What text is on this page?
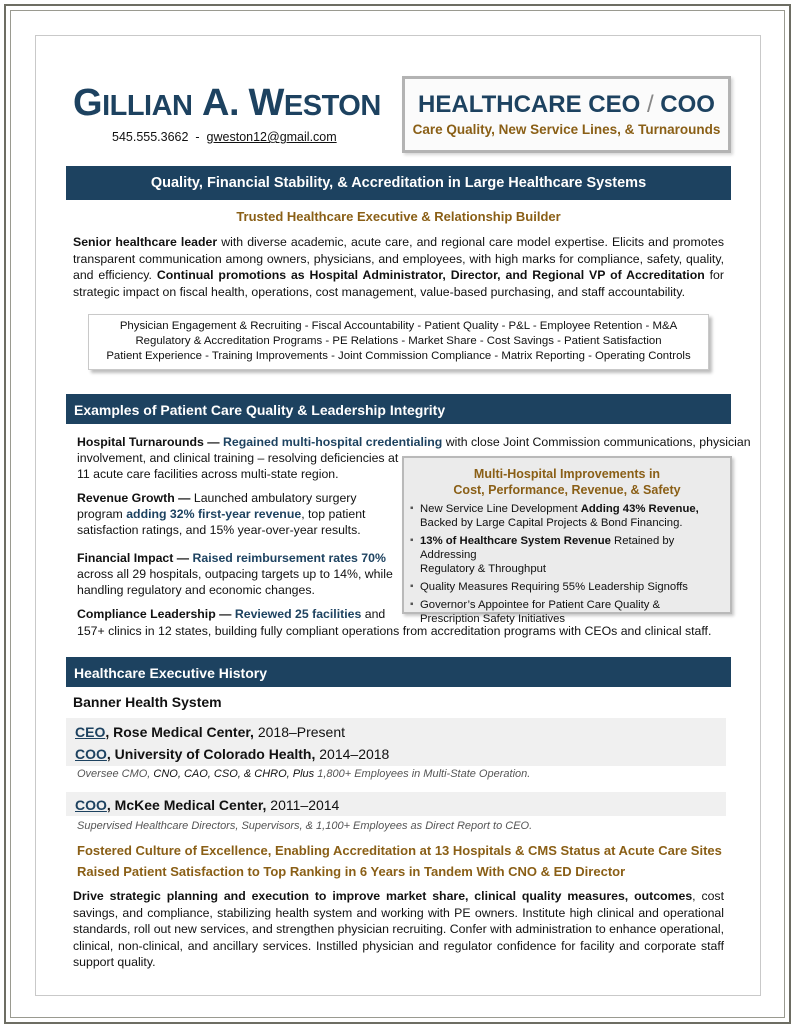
GILLIAN A. WESTON
545.555.3662 - gweston12@gmail.com
HEALTHCARE CEO / COO
Care Quality, New Service Lines, & Turnarounds
Quality, Financial Stability, & Accreditation in Large Healthcare Systems
Trusted Healthcare Executive & Relationship Builder
Senior healthcare leader with diverse academic, acute care, and regional care model expertise. Elicits and promotes transparent communication among owners, physicians, and employees, with high marks for compliance, safety, quality, and efficiency. Continual promotions as Hospital Administrator, Director, and Regional VP of Accreditation for strategic impact on fiscal health, operations, cost management, value-based purchasing, and staff accountability.
Physician Engagement & Recruiting - Fiscal Accountability - Patient Quality - P&L - Employee Retention - M&A
Regulatory & Accreditation Programs - PE Relations - Market Share - Cost Savings - Patient Satisfaction
Patient Experience - Training Improvements - Joint Commission Compliance - Matrix Reporting - Operating Controls
Examples of Patient Care Quality & Leadership Integrity
Hospital Turnarounds — Regained multi-hospital credentialing with close Joint Commission communications, physician
involvement, and clinical training – resolving deficiencies at
11 acute care facilities across multi-state region.
Revenue Growth — Launched ambulatory surgery
program adding 32% first-year revenue, top patient
satisfaction ratings, and 15% year-over-year results.
Financial Impact — Raised reimbursement rates 70%
across all 29 hospitals, outpacing targets up to 14%, while
handling regulatory and economic changes.
Compliance Leadership — Reviewed 25 facilities and
157+ clinics in 12 states, building fully compliant operations from accreditation programs with CEOs and clinical staff.
Multi-Hospital Improvements in
Cost, Performance, Revenue, & Safety
▪ New Service Line Development Adding 43% Revenue,
Backed by Large Capital Projects & Bond Financing.
▪ 13% of Healthcare System Revenue Retained by Addressing
Regulatory & Throughput
▪ Quality Measures Requiring 55% Leadership Signoffs
▪ Governor’s Appointee for Patient Care Quality &
Prescription Safety Initiatives
Healthcare Executive History
Banner Health System
CEO, Rose Medical Center, 2018–Present
COO, University of Colorado Health, 2014–2018
Oversee CMO, CNO, CAO, CSO, & CHRO, Plus 1,800+ Employees in Multi-State Operation.
COO, McKee Medical Center, 2011–2014
Supervised Healthcare Directors, Supervisors, & 1,100+ Employees as Direct Report to CEO.
Fostered Culture of Excellence, Enabling Accreditation at 13 Hospitals & CMS Status at Acute Care Sites
Raised Patient Satisfaction to Top Ranking in 6 Years in Tandem With CNO & ED Director
Drive strategic planning and execution to improve market share, clinical quality measures, outcomes, cost savings, and compliance, stabilizing health system and working with PE owners. Institute high clinical and operational standards, roll out new services, and strengthen physician recruiting. Confer with administration to enhance operational, clinical, non-clinical, and ancillary services. Instilled physician and regulator confidence for facility and corporate staff support quality.
